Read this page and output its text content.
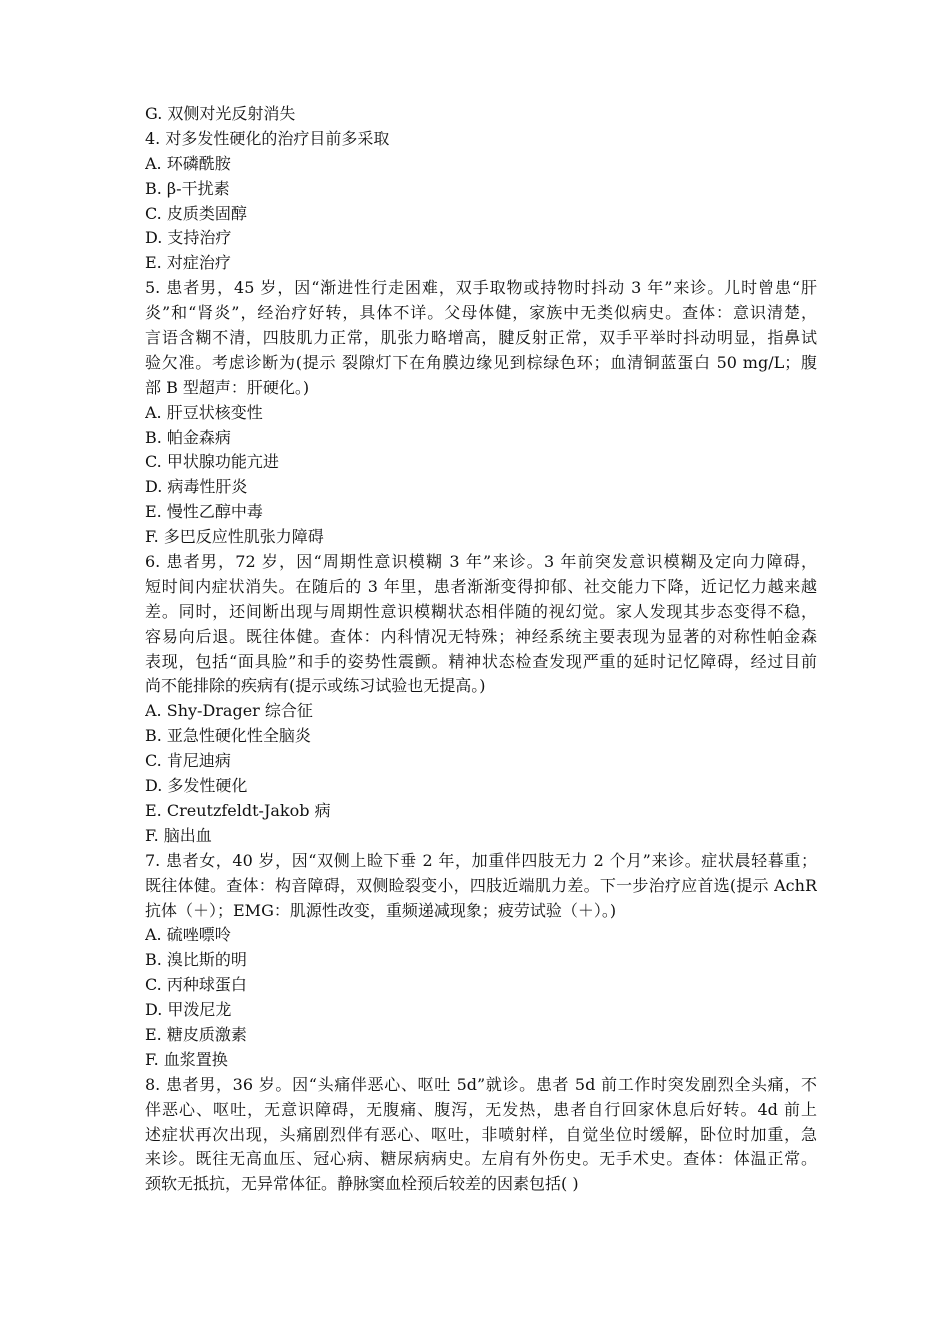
G. 双侧对光反射消失
4. 对多发性硬化的治疗目前多采取
A. 环磷酰胺
B. β-干扰素
C. 皮质类固醇
D. 支持治疗
E. 对症治疗
5. 患者男，45 岁，因“渐进性行走困难，双手取物或持物时抖动 3 年”来诊。儿时曾患“肝
炎”和“肾炎”，经治疗好转，具体不详。父母体健，家族中无类似病史。查体：意识清楚，
言语含糊不清，四肢肌力正常，肌张力略增高，腱反射正常，双手平举时抖动明显，指鼻试
验欠准。考虑诊断为(提示 裂隙灯下在角膜边缘见到棕绿色环；血清铜蓝蛋白 50 mg/L；腹
部 B 型超声：肝硬化。)
A. 肝豆状核变性
B. 帕金森病
C. 甲状腺功能亢进
D. 病毒性肝炎
E. 慢性乙醇中毒
F. 多巴反应性肌张力障碍
6. 患者男，72 岁，因“周期性意识模糊 3 年”来诊。3 年前突发意识模糊及定向力障碍，
短时间内症状消失。在随后的 3 年里，患者渐渐变得抑郁、社交能力下降，近记忆力越来越
差。同时，还间断出现与周期性意识模糊状态相伴随的视幻觉。家人发现其步态变得不稳，
容易向后退。既往体健。查体：内科情况无特殊；神经系统主要表现为显著的对称性帕金森
表现，包括“面具脸”和手的姿势性震颤。精神状态检查发现严重的延时记忆障碍，经过目前
尚不能排除的疾病有(提示或练习试验也无提高。)
A. Shy-Drager 综合征
B. 亚急性硬化性全脑炎
C. 肯尼迪病
D. 多发性硬化
E. Creutzfeldt-Jakob 病
F. 脑出血
7. 患者女，40 岁，因“双侧上睑下垂 2 年，加重伴四肢无力 2 个月”来诊。症状晨轻暮重；
既往体健。查体：构音障碍，双侧睑裂变小，四肢近端肌力差。下一步治疗应首选(提示 AchR
抗体（＋）；EMG：肌源性改变，重频递减现象；疲劳试验（＋）。)
A. 硫唑嘌呤
B. 溴比斯的明
C. 丙种球蛋白
D. 甲泼尼龙
E. 糖皮质激素
F. 血浆置换
8. 患者男，36 岁。因“头痛伴恶心、呕吐 5d”就诊。患者 5d 前工作时突发剧烈全头痛，不
伴恶心、呕吐，无意识障碍，无腹痛、腹泻，无发热，患者自行回家休息后好转。4d 前上
述症状再次出现，头痛剧烈伴有恶心、呕吐，非喷射样，自觉坐位时缓解，卧位时加重，急
来诊。既往无高血压、冠心病、糖尿病病史。左肩有外伤史。无手术史。查体：体温正常。
颈软无抵抗，无异常体征。静脉窦血栓预后较差的因素包括( )
